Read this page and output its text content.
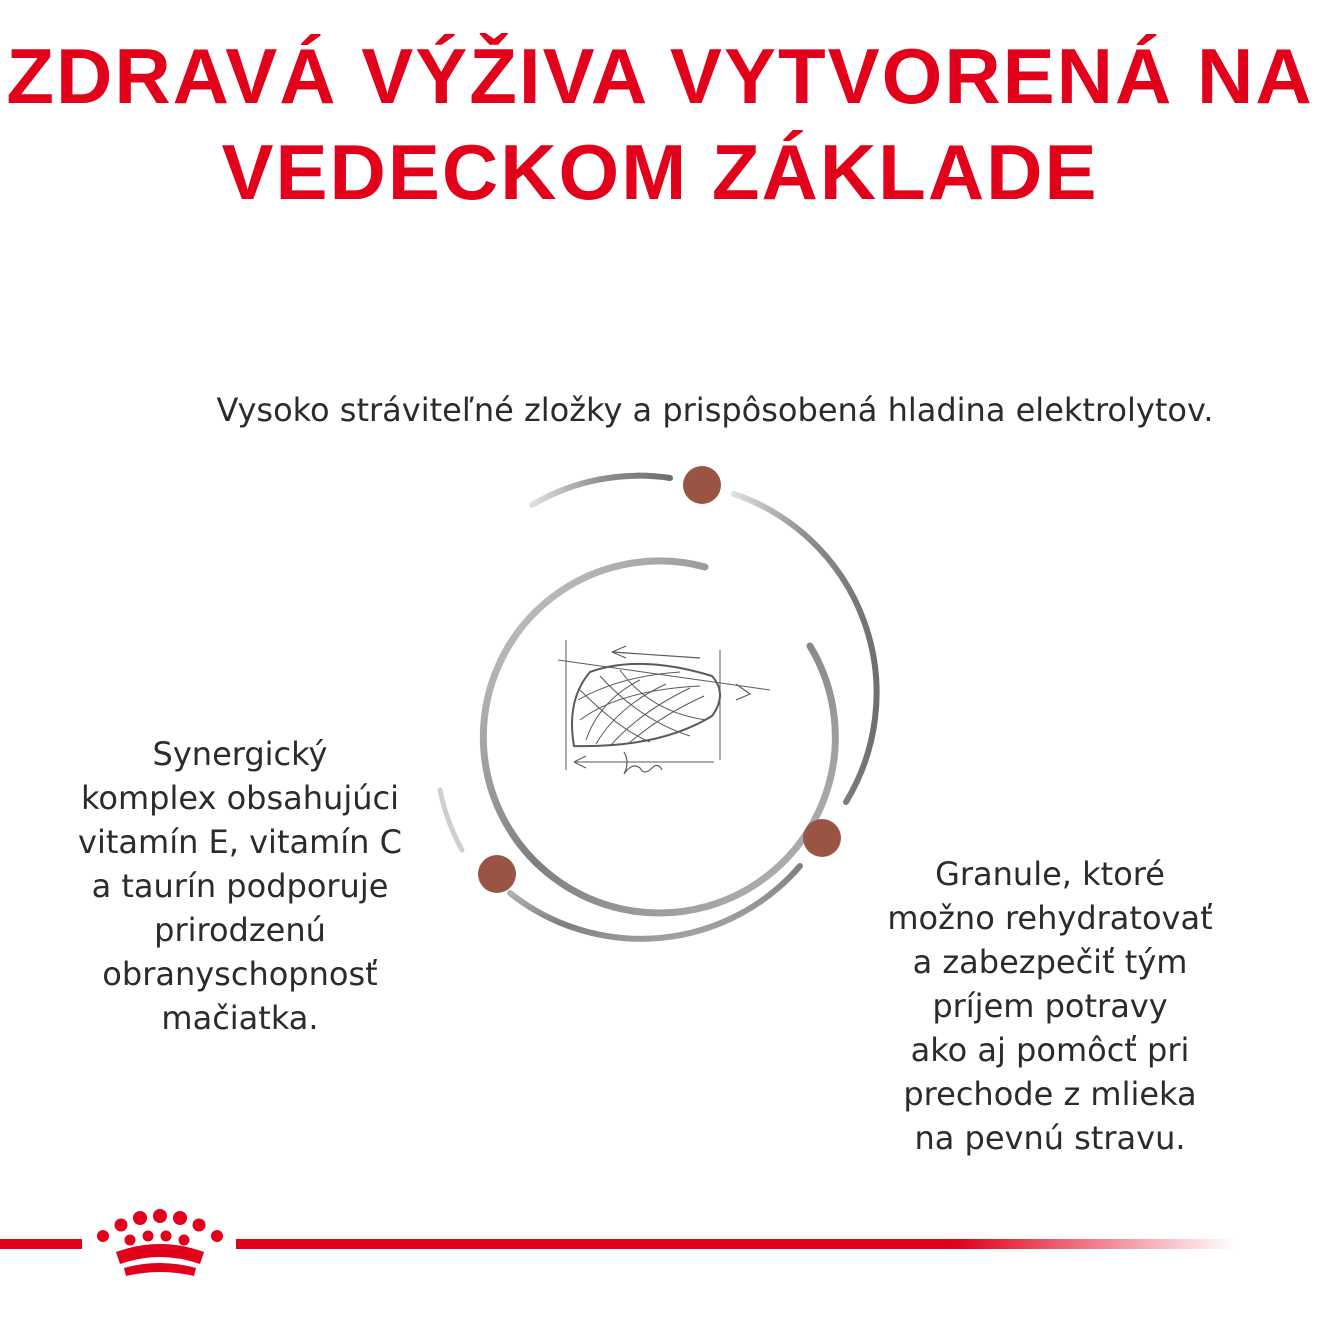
ZDRAVÁ VÝŽIVA VYTVORENÁ NA
VEDECKOM ZÁKLADE
Vysoko stráviteľné zložky a prispôsobená hladina elektrolytov.
Synergický
komplex obsahujúci
vitamín E, vitamín C
a taurín podporuje
prirodzenú
obranyschopnosť
mačiatka.
Granule, ktoré
možno rehydratovať
a zabezpečiť tým
príjem potravy
ako aj pomôcť pri
prechode z mlieka
na pevnú stravu.
